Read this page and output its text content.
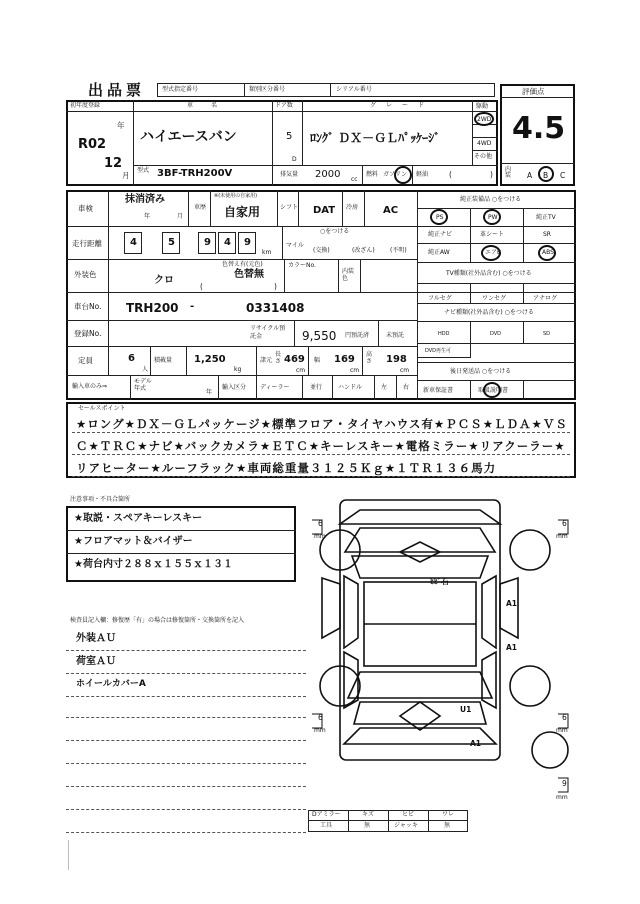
出品票	型式指定番号	類別区分番号	シリアル番号
初年度登録
R02
年
12
月
車名
ハイエースバン
ドア数
5
D
グレード
ﾛﾝｸﾞ ＤＸ－ＧＬﾊﾟｯｹｰｼﾞ
駆動
2WD
4WD
その他
型式 3BF-TRH200V	排気量 2000 cc
燃料 ガソリン 軽油	(	)
評価点
4.5
内装	A B C
車検
抹消済み
年	月
車歴
※(未使用の自家用)
自家用	シフト DAT 冷房 AC
走行距離	4	5	9 4 9
km
○をつける
マイル
(交換)	(改ざん)	(不明)
外装色
クロ
色替え有(元色)
色替無
(	)
カラーNo.
内装色
車台No. TRH200 -	0331408
登録No.
リサイクル預託金	9,550 円預託済	未預託
定員	6
人
積載量 1,250
kg
諸元
長さ 469
cm
幅 169
cm
高さ 198
cm
輸入車のみ⇒
モデル年式
年
輸入区分 ディーラー	並行	ハンドル	左	右
純正装備品 ○をつける
PS	PW	純正TV
純正ナビ	革シート	SR
純正AW	エアB	ABS
TV種類(社外品含む) ○をつける
フルセグ	ワンセグ	アナログ
ナビ種類(社外品含む) ○をつける
HDD	DVD	SD
DVD再生可
後日発送品 ○をつける
新車保証書	取扱説明書
セールスポイント
★ロング★ＤＸ－ＧＬパッケージ★標準フロア・タイヤハウス有★ＰＣＳ★ＬＤＡ★ＶＳ
Ｃ★ＴＲＣ★ナビ★バックカメラ★ＥＴＣ★キーレスキー★電格ミラー★リアクーラー★
リアヒーター★ルーフラック★車両総重量３１２５Ｋｇ★１ＴＲ１３６馬力
注意事項・不具合箇所
★取説・スペアキーレスキー
★フロアマット＆バイザー
★荷台内寸２８８ｘ１５５ｘ１３１
検査員記入欄：修復歴「有」の場合は修復箇所・交換箇所を記入
外装ＡＵ
荷室ＡＵ
ホイールカバーA
6
mm
6
mm
6
mm
6
mm
9
mm
ﾋﾋﾞ石
A1
A1
U1
A1
Dアミラー	キズ	ヒビ	ワレ
工具	無	ジャッキ	無
